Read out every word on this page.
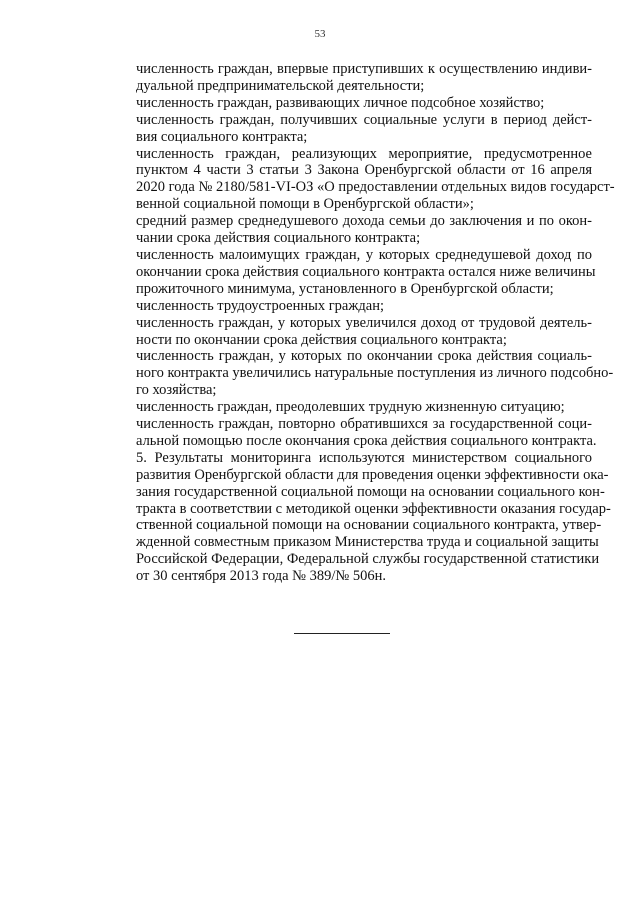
53

численность граждан, впервые приступивших к осуществлению индиви-
дуальной предпринимательской деятельности;

численность граждан, развивающих личное подсобное хозяйство;

численность граждан, получивших социальные услуги в период дейст-
вия социального контракта;

численность граждан, реализующих мероприятие, предусмотренное
пунктом 4 части 3 статьи 3 Закона Оренбургской области от 16 апреля
2020 года № 2180/581-VI-ОЗ «О предоставлении отдельных видов государст-
венной социальной помощи в Оренбургской области»;

средний размер среднедушевого дохода семьи до заключения и по окон-
чании срока действия социального контракта;

численность малоимущих граждан, у которых среднедушевой доход по
окончании срока действия социального контракта остался ниже величины
прожиточного минимума, установленного в Оренбургской области;

численность трудоустроенных граждан;

численность граждан, у которых увеличился доход от трудовой деятель-
ности по окончании срока действия социального контракта;

численность граждан, у которых по окончании срока действия социаль-
ного контракта увеличились натуральные поступления из личного подсобно-
го хозяйства;

численность граждан, преодолевших трудную жизненную ситуацию;

численность граждан, повторно обратившихся за государственной соци-
альной помощью после окончания срока действия социального контракта.

5. Результаты мониторинга используются министерством социального
развития Оренбургской области для проведения оценки эффективности ока-
зания государственной социальной помощи на основании социального кон-
тракта в соответствии с методикой оценки эффективности оказания государ-
ственной социальной помощи на основании социального контракта, утвер-
жденной совместным приказом Министерства труда и социальной защиты
Российской Федерации, Федеральной службы государственной статистики
от 30 сентября 2013 года № 389/№ 506н.
